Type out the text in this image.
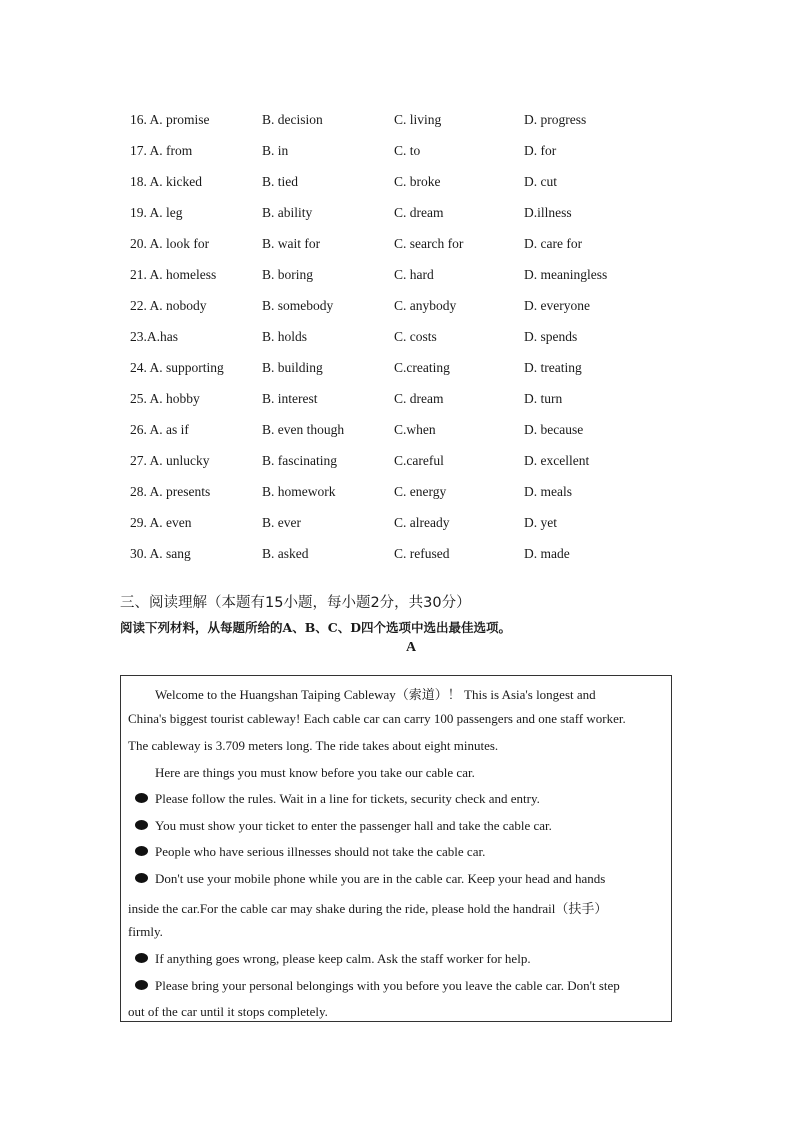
16. A. promise	B. decision	C. living	D. progress
17. A. from	B. in	C. to	D. for
18. A. kicked	B. tied	C. broke	D. cut
19. A. leg	B. ability	C. dream	D.illness
20. A. look for	B. wait for	C. search for	D. care for
21. A. homeless	B. boring	C. hard	D. meaningless
22. A. nobody	B. somebody	C. anybody	D. everyone
23.A.has	B. holds	C. costs	D. spends
24. A. supporting	B. building	C.creating	D. treating
25. A. hobby	B. interest	C. dream	D. turn
26. A. as if	B. even though	C.when	D. because
27. A. unlucky	B. fascinating	C.careful	D. excellent
28. A. presents	B. homework	C. energy	D. meals
29. A. even	B. ever	C. already	D. yet
30. A. sang	B. asked	C. refused	D. made
三、阅读理解（本题有15小题，每小题2分，共30分）
阅读下列材料，从每题所给的A、B、C、D四个选项中选出最佳选项。
A
Welcome to the Huangshan Taiping Cableway（索道）！ This is Asia's longest and
China's biggest tourist cableway! Each cable car can carry 100 passengers and one staff worker.
The cableway is 3.709 meters long. The ride takes about eight minutes.
Here are things you must know before you take our cable car.
Please follow the rules. Wait in a line for tickets, security check and entry.
You must show your ticket to enter the passenger hall and take the cable car.
People who have serious illnesses should not take the cable car.
Don't use your mobile phone while you are in the cable car. Keep your head and hands
inside the car.For the cable car may shake during the ride, please hold the handrail（扶手）
firmly.
If anything goes wrong, please keep calm. Ask the staff worker for help.
Please bring your personal belongings with you before you leave the cable car. Don't step
out of the car until it stops completely.
